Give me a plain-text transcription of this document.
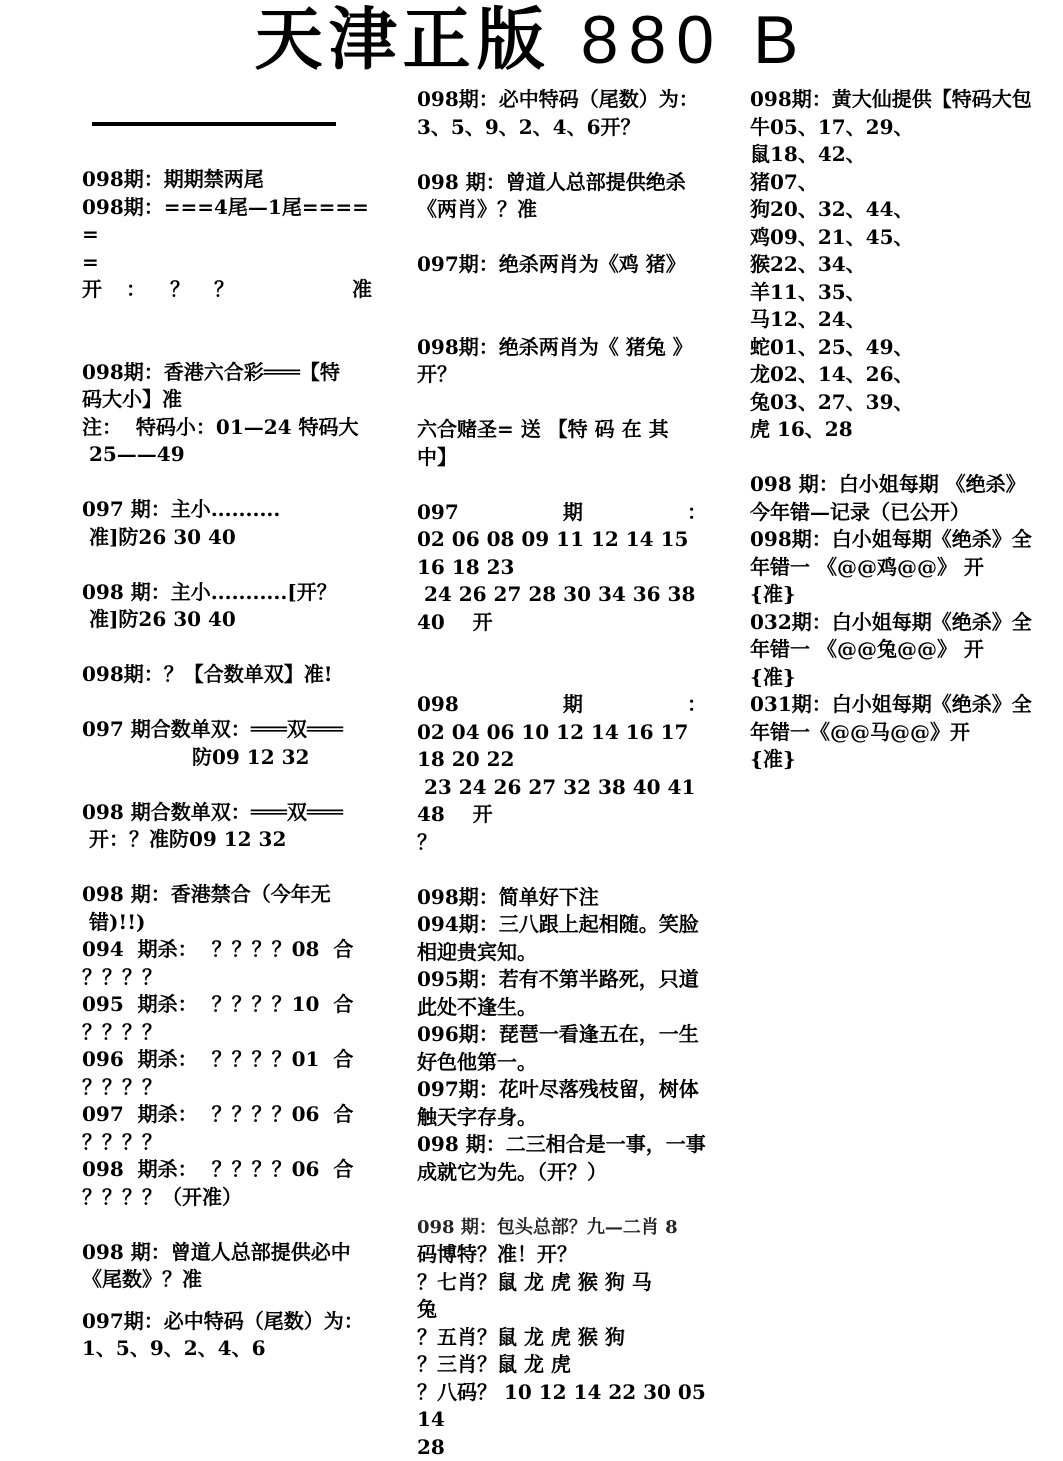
天津正版 880 B
098期：期期禁两尾
098期：===4尾—1尾=====
=
开 ： ？ ？	准
098期：香港六合彩═══【特
码大小】准
注：  特码小：01—24 特码大
25——49
097 期：主小..........
准]防26 30 40
098 期：主小...........[开？
准]防26 30 40
098期：？【合数单双】准!
097 期合数单双：═══双═══
防09 12 32
098 期合数单双：═══双═══
开：？准防09 12 32
098 期：香港禁合（今年无
错)!!)
094  期杀：  ？？？？08  合
？？？？
095  期杀：  ？？？？10  合
？？？？
096  期杀：  ？？？？01  合
？？？？
097  期杀：  ？？？？06  合
？？？？
098  期杀：  ？？？？06  合
？？？？（开准）
098 期：曾道人总部提供必中
《尾数》？准
097期：必中特码（尾数）为：
1、5、9、2、4、6
098期：必中特码（尾数）为：
3、5、9、2、4、6开？
098 期：曾道人总部提供绝杀
《两肖》？准
097期：绝杀两肖为《鸡 猪》
098期：绝杀两肖为《 猪兔 》
开？
六合赌圣= 送 【特 码 在 其
中】
097	期	：
02 06 08 09 11 12 14 15 16 18 23
24 26 27 28 30 34 36 38 40    开
098	期	：
02 04 06 10 12 14 16 17 18 20 22
23 24 26 27 32 38 40 41 48    开
？
098期：简单好下注
094期：三八跟上起相随。笑脸
相迎贵宾知。
095期：若有不第半路死，只道
此处不逢生。
096期：琵琶一看逢五在，一生
好色他第一。
097期：花叶尽落残枝留，树体
触天字存身。
098 期：二三相合是一事，一事
成就它为先。（开？）
098 期：包头总部？九—二肖 8
码博特？准！开？
？七肖？鼠 龙 虎 猴 狗 马
兔
？五肖？鼠 龙 虎 猴 狗
？三肖？鼠 龙 虎
？八码？ 10 12 14 22 30 05 14
28
098期：黄大仙提供【特码大包
牛05、17、29、
鼠18、42、
猪07、
狗20、32、44、
鸡09、21、45、
猴22、34、
羊11、35、
马12、24、
蛇01、25、49、
龙02、14、26、
兔03、27、39、
虎 16、28
098 期：白小姐每期 《绝杀》
今年错—记录（已公开）
098期：白小姐每期《绝杀》全
年错一 《@@鸡@@》 开
{准}
032期：白小姐每期《绝杀》全
年错一 《@@兔@@》 开
{准}
031期：白小姐每期《绝杀》全
年错一《@@马@@》开
{准}
